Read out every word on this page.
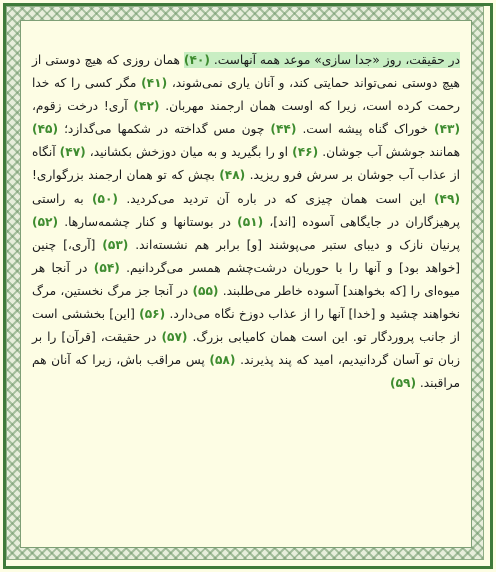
در حقیقت، روز «جدا سازی» موعد همه آنهاست. (۴۰) همان روزی که هیچ دوستی از هیچ دوستی نمی‌تواند حمایتی کند، و آنان یاری نمی‌شوند، (۴۱) مگر کسی را که خدا رحمت کرده است، زیرا که اوست همان ارجمند مهربان. (۴۲) آری! درخت زقوم، (۴۳) خوراک گناه پیشه است. (۴۴) چون مس گداخته در شکمها می‌گدازد؛ (۴۵) همانند جوشش آب جوشان. (۴۶) او را بگیرید و به میان دوزخش بکشانید، (۴۷) آنگاه از عذاب آب جوشان بر سرش فرو ریزید. (۴۸) بچش که تو همان ارجمند بزرگواری! (۴۹) این است همان چیزی که در باره آن تردید می‌کردید. (۵۰) به راستی پرهیزگاران در جایگاهی آسوده [اند]، (۵۱) در بوستانها و کنار چشمه‌سارها. (۵۲) پرنیان نازک و دیبای ستبر می‌پوشند [و] برابر هم نشسته‌اند. (۵۳) [آری،] چنین [خواهد بود] و آنها را با حوریان درشت‌چشم همسر می‌گردانیم. (۵۴) در آنجا هر میوه‌ای را [که بخواهند] آسوده خاطر می‌طلبند. (۵۵) در آنجا جز مرگ نخستین، مرگ نخواهند چشید و [خدا] آنها را از عذاب دوزخ نگاه می‌دارد. (۵۶) [این] بخششی است از جانب پروردگار تو. این است همان کامیابی بزرگ. (۵۷) در حقیقت، [قرآن] را بر زبان تو آسان گردانیدیم، امید که پند پذیرند. (۵۸) پس مراقب باش، زیرا که آنان هم مراقبند. (۵۹)
